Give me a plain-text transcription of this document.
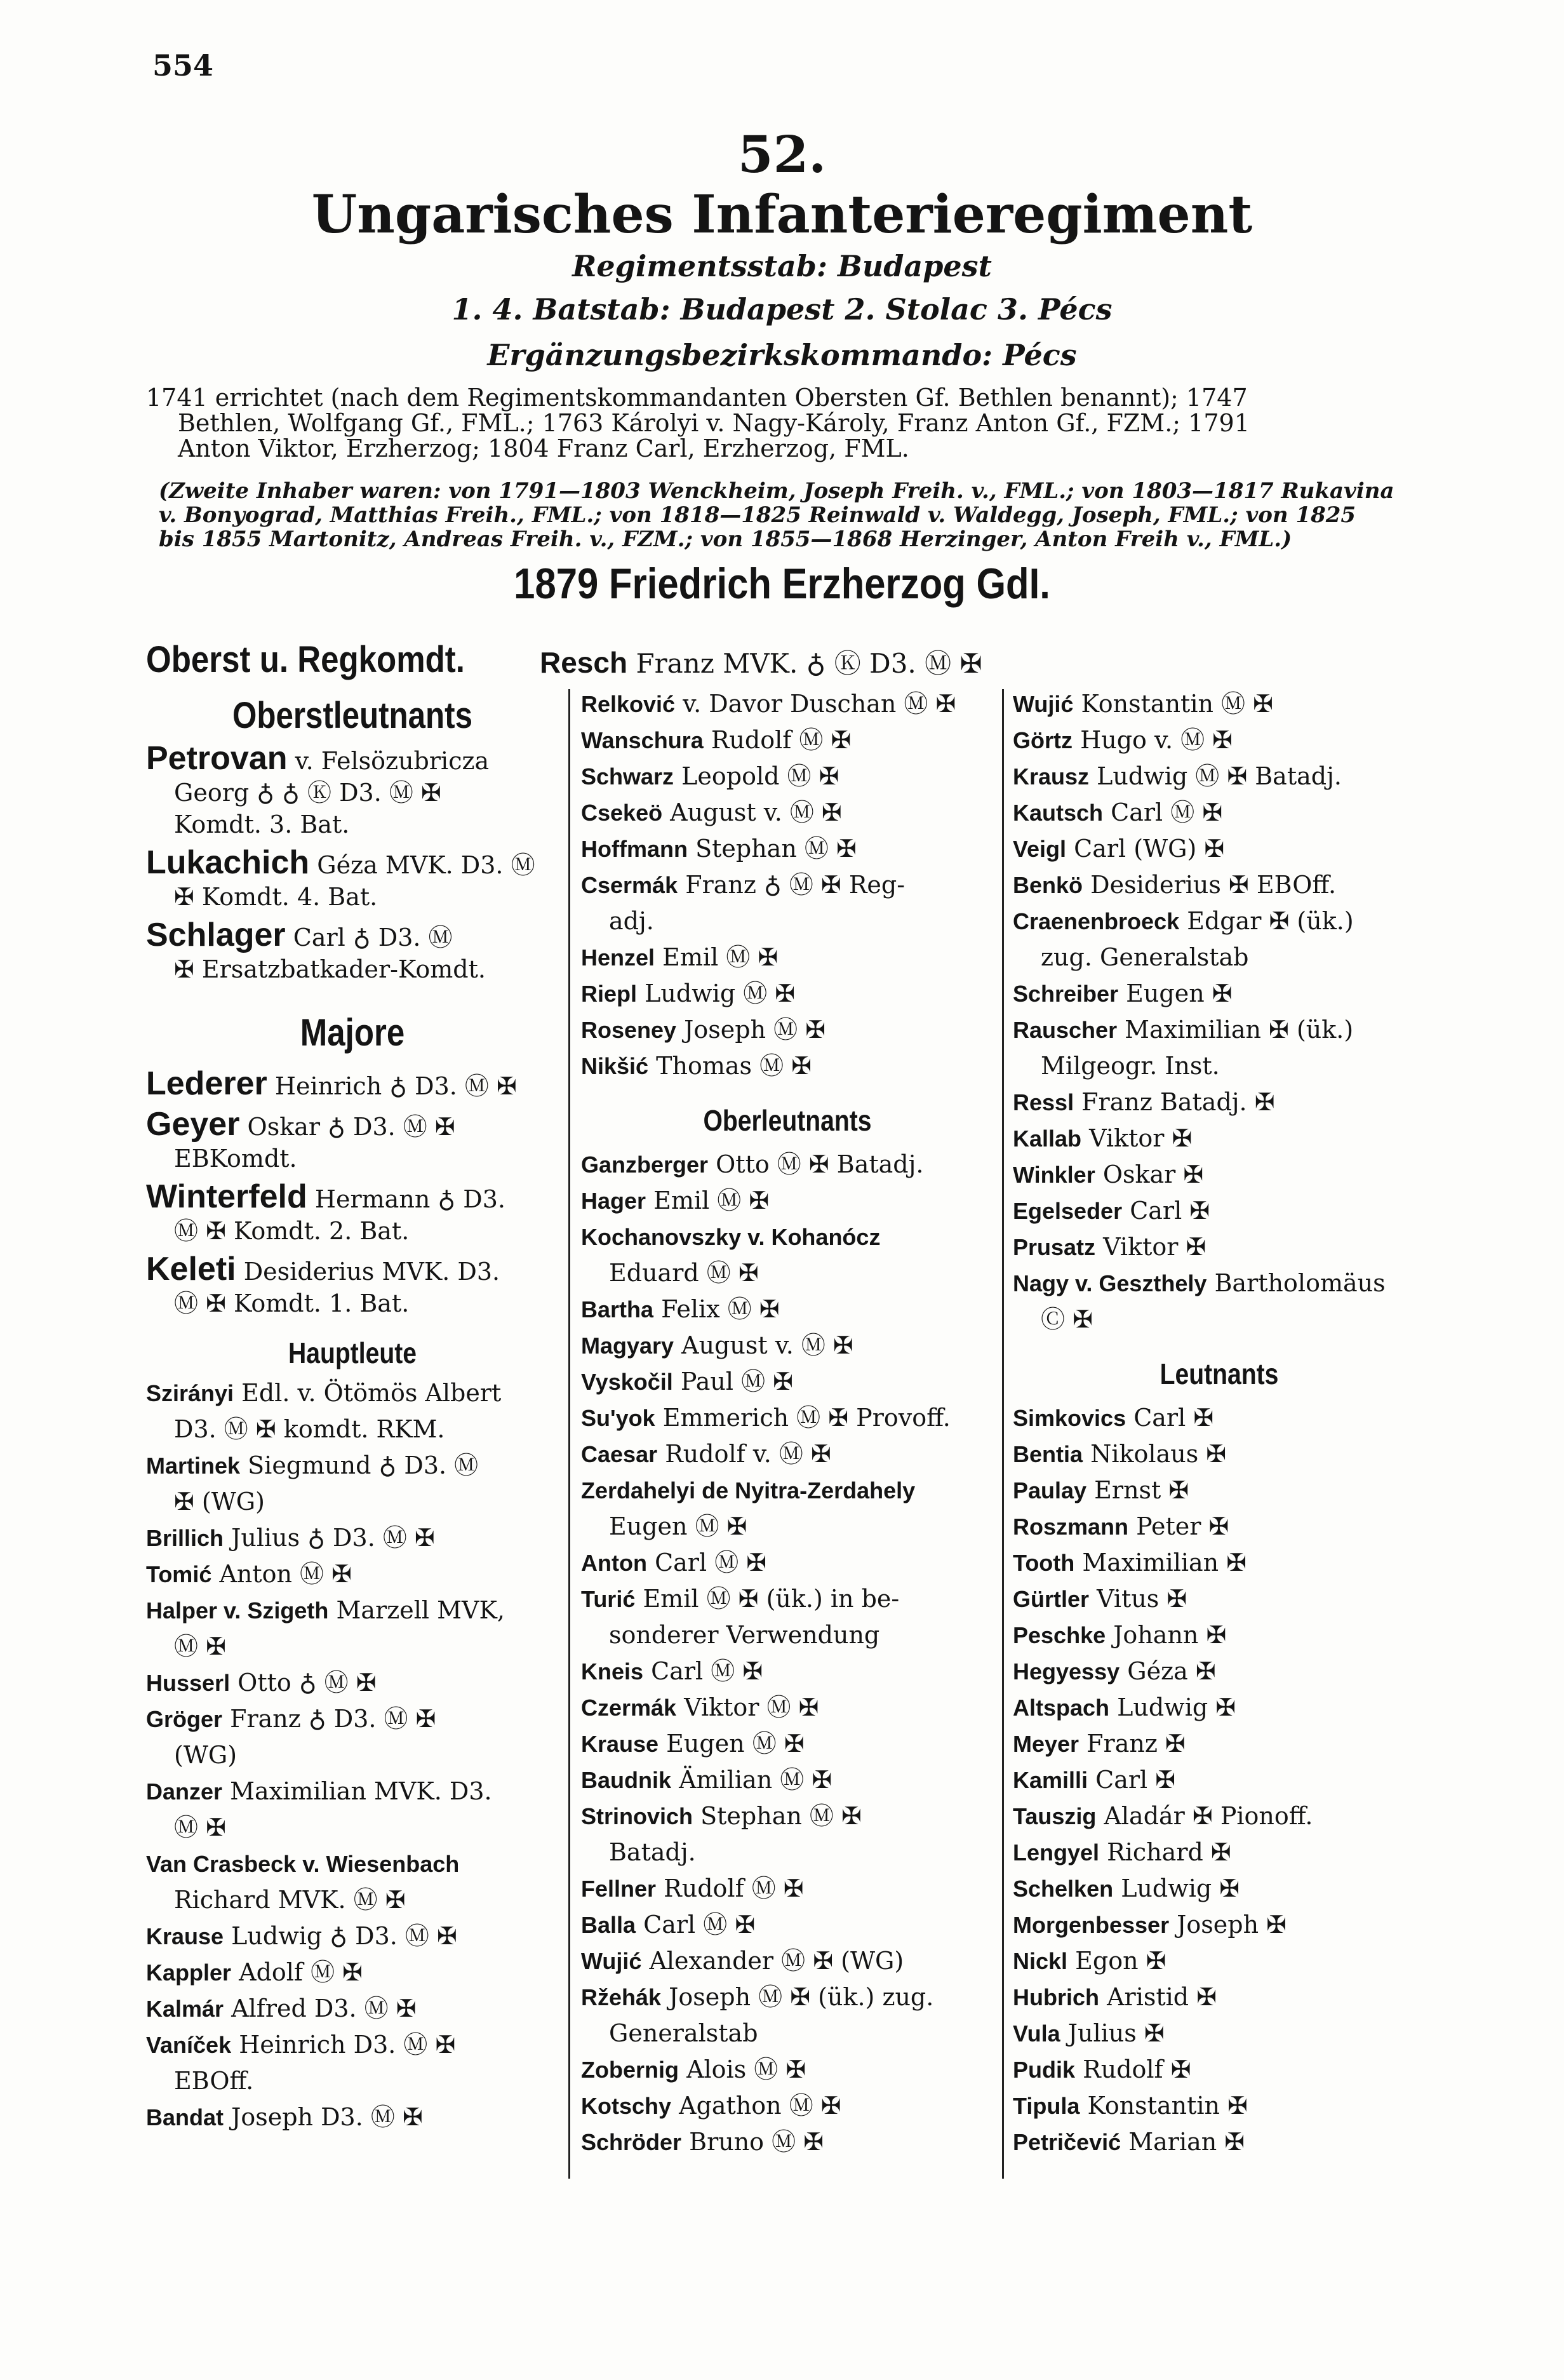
554
52.
Ungarisches Infanterieregiment
Regimentsstab: Budapest
1. 4. Batstab: Budapest 2. Stolac 3. Pécs
Ergänzungsbezirkskommando: Pécs

1741 errichtet (nach dem Regimentskommandanten Obersten Gf. Bethlen benannt); 1747

Bethlen, Wolfgang Gf., FML.; 1763 Károlyi v. Nagy-Károly, Franz Anton Gf., FZM.; 1791

Anton Viktor, Erzherzog; 1804 Franz Carl, Erzherzog, FML.

(Zweite Inhaber waren: von 1791—1803 Wenckheim, Joseph Freih. v., FML.; von 1803—1817 Rukavina

v. Bonyograd, Matthias Freih., FML.; von 1818—1825 Reinwald v. Waldegg, Joseph, FML.; von 1825

bis 1855 Martonitz, Andreas Freih. v., FZM.; von 1855—1868 Herzinger, Anton Freih v., FML.)

1879 Friedrich Erzherzog GdI.
Oberst u. Regkomdt.	Resch Franz MVK. ♁ Ⓚ D3. Ⓜ ✠
Oberstleutnants
Petrovan v. Felsözubricza
Georg ♁ ♁ Ⓚ D3. Ⓜ ✠
Komdt. 3. Bat.
Lukachich Géza MVK. D3. Ⓜ
✠ Komdt. 4. Bat.
Schlager Carl ♁ D3. Ⓜ
✠ Ersatzbatkader-Komdt.
Majore
Lederer Heinrich ♁ D3. Ⓜ ✠
Geyer Oskar ♁ D3. Ⓜ ✠
EBKomdt.
Winterfeld Hermann ♁ D3.
Ⓜ ✠ Komdt. 2. Bat.
Keleti Desiderius MVK. D3.
Ⓜ ✠ Komdt. 1. Bat.
Hauptleute
Szirányi Edl. v. Ötömös Albert
D3. Ⓜ ✠ komdt. RKM.
Martinek Siegmund ♁ D3. Ⓜ
✠ (WG)
Brillich Julius ♁ D3. Ⓜ ✠
Tomić Anton Ⓜ ✠
Halper v. Szigeth Marzell MVK,
Ⓜ ✠
Husserl Otto ♁ Ⓜ ✠
Gröger Franz ♁ D3. Ⓜ ✠
(WG)
Danzer Maximilian MVK. D3.
Ⓜ ✠
Van Crasbeck v. Wiesenbach
Richard MVK. Ⓜ ✠
Krause Ludwig ♁ D3. Ⓜ ✠
Kappler Adolf Ⓜ ✠
Kalmár Alfred D3. Ⓜ ✠
Vaníček Heinrich D3. Ⓜ ✠
EBOff.
Bandat Joseph D3. Ⓜ ✠
Relković v. Davor Duschan Ⓜ ✠
Wanschura Rudolf Ⓜ ✠
Schwarz Leopold Ⓜ ✠
Csekeö August v. Ⓜ ✠
Hoffmann Stephan Ⓜ ✠
Csermák Franz ♁ Ⓜ ✠ Reg-
adj.
Henzel Emil Ⓜ ✠
Riepl Ludwig Ⓜ ✠
Roseney Joseph Ⓜ ✠
Nikšić Thomas Ⓜ ✠
Oberleutnants
Ganzberger Otto Ⓜ ✠ Batadj.
Hager Emil Ⓜ ✠
Kochanovszky v. Kohanócz
Eduard Ⓜ ✠
Bartha Felix Ⓜ ✠
Magyary August v. Ⓜ ✠
Vyskočil Paul Ⓜ ✠
Su'yok Emmerich Ⓜ ✠ Provoff.
Caesar Rudolf v. Ⓜ ✠
Zerdahelyi de Nyitra-Zerdahely
Eugen Ⓜ ✠
Anton Carl Ⓜ ✠
Turić Emil Ⓜ ✠ (ük.) in be-
sonderer Verwendung
Kneis Carl Ⓜ ✠
Czermák Viktor Ⓜ ✠
Krause Eugen Ⓜ ✠
Baudnik Ämilian Ⓜ ✠
Strinovich Stephan Ⓜ ✠
Batadj.
Fellner Rudolf Ⓜ ✠
Balla Carl Ⓜ ✠
Wujić Alexander Ⓜ ✠ (WG)
Ržehák Joseph Ⓜ ✠ (ük.) zug.
Generalstab
Zobernig Alois Ⓜ ✠
Kotschy Agathon Ⓜ ✠
Schröder Bruno Ⓜ ✠
Wujić Konstantin Ⓜ ✠
Görtz Hugo v. Ⓜ ✠
Krausz Ludwig Ⓜ ✠ Batadj.
Kautsch Carl Ⓜ ✠
Veigl Carl (WG) ✠
Benkö Desiderius ✠ EBOff.
Craenenbroeck Edgar ✠ (ük.)
zug. Generalstab
Schreiber Eugen ✠
Rauscher Maximilian ✠ (ük.)
Milgeogr. Inst.
Ressl Franz Batadj. ✠
Kallab Viktor ✠
Winkler Oskar ✠
Egelseder Carl ✠
Prusatz Viktor ✠
Nagy v. Geszthely Bartholomäus
Ⓒ ✠
Leutnants
Simkovics Carl ✠
Bentia Nikolaus ✠
Paulay Ernst ✠
Roszmann Peter ✠
Tooth Maximilian ✠
Gürtler Vitus ✠
Peschke Johann ✠
Hegyessy Géza ✠
Altspach Ludwig ✠
Meyer Franz ✠
Kamilli Carl ✠
Tauszig Aladár ✠ Pionoff.
Lengyel Richard ✠
Schelken Ludwig ✠
Morgenbesser Joseph ✠
Nickl Egon ✠
Hubrich Aristid ✠
Vula Julius ✠
Pudik Rudolf ✠
Tipula Konstantin ✠
Petričević Marian ✠
